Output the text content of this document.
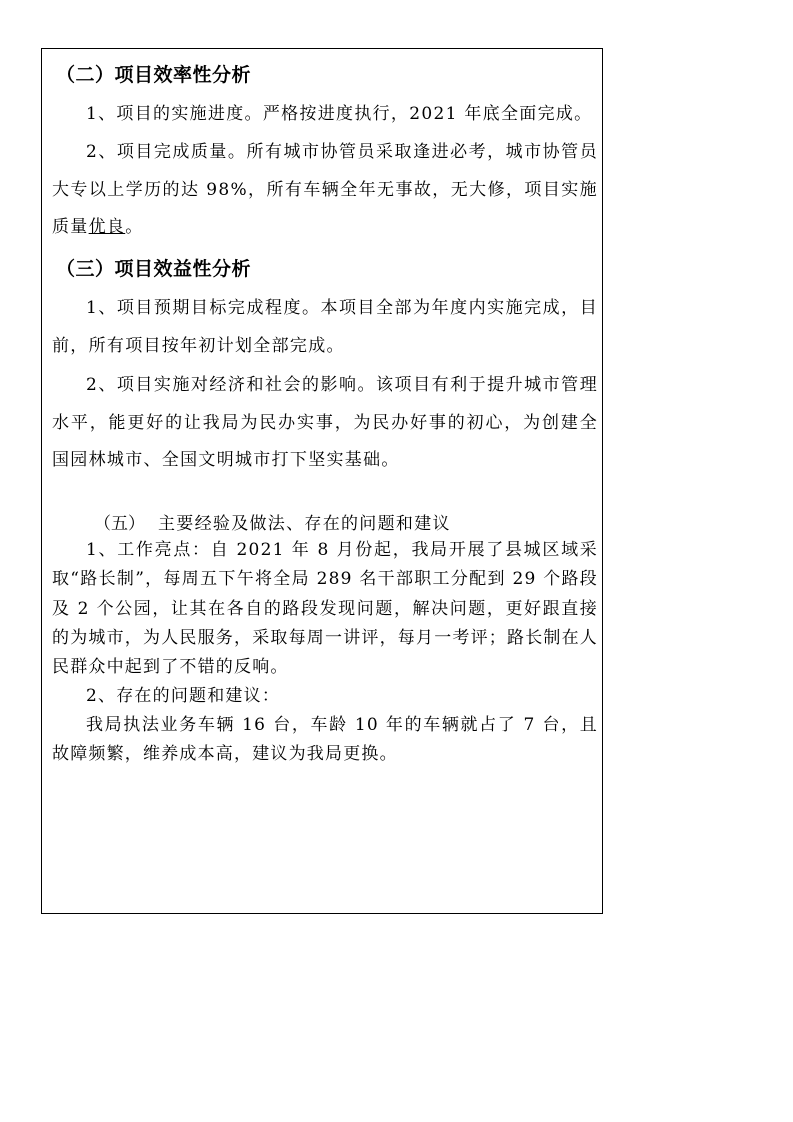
（二）项目效率性分析

1、项目的实施进度。严格按进度执行，2021 年底全面完成。

2、项目完成质量。所有城市协管员采取逢进必考，城市协管员大专以上学历的达 98%，所有车辆全年无事故，无大修，项目实施质量优良。

（三）项目效益性分析

1、项目预期目标完成程度。本项目全部为年度内实施完成，目前，所有项目按年初计划全部完成。

2、项目实施对经济和社会的影响。该项目有利于提升城市管理水平，能更好的让我局为民办实事，为民办好事的初心，为创建全国园林城市、全国文明城市打下坚实基础。

（五） 主要经验及做法、存在的问题和建议

1、工作亮点：自 2021 年 8 月份起，我局开展了县城区域采取“路长制”，每周五下午将全局 289 名干部职工分配到 29 个路段及 2 个公园，让其在各自的路段发现问题，解决问题，更好跟直接的为城市，为人民服务，采取每周一讲评，每月一考评；路长制在人民群众中起到了不错的反响。

2、存在的问题和建议：

我局执法业务车辆 16 台，车龄 10 年的车辆就占了 7 台，且故障频繁，维养成本高，建议为我局更换。
